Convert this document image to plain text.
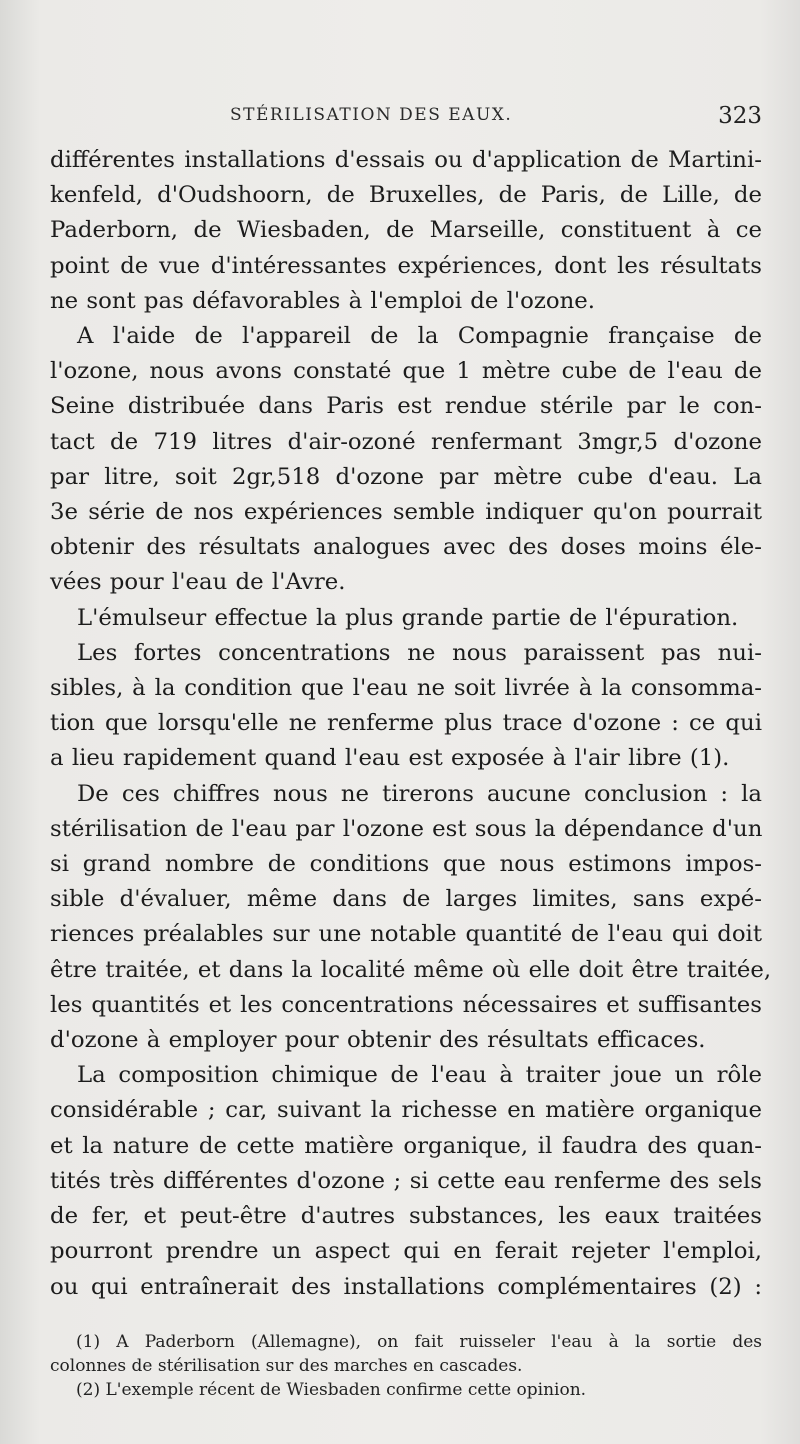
STÉRILISATION DES EAUX.	323
différentes installations d'essais ou d'application de Martini-
kenfeld, d'Oudshoorn, de Bruxelles, de Paris, de Lille, de
Paderborn, de Wiesbaden, de Marseille, constituent à ce
point de vue d'intéressantes expériences, dont les résultats
ne sont pas défavorables à l'emploi de l'ozone.
A l'aide de l'appareil de la Compagnie française de
l'ozone, nous avons constaté que 1 mètre cube de l'eau de
Seine distribuée dans Paris est rendue stérile par le con-
tact de 719 litres d'air-ozoné renfermant 3mgr,5 d'ozone
par litre, soit 2gr,518 d'ozone par mètre cube d'eau. La
3e série de nos expériences semble indiquer qu'on pourrait
obtenir des résultats analogues avec des doses moins éle-
vées pour l'eau de l'Avre.
L'émulseur effectue la plus grande partie de l'épuration.
Les fortes concentrations ne nous paraissent pas nui-
sibles, à la condition que l'eau ne soit livrée à la consomma-
tion que lorsqu'elle ne renferme plus trace d'ozone : ce qui
a lieu rapidement quand l'eau est exposée à l'air libre (1).
De ces chiffres nous ne tirerons aucune conclusion : la
stérilisation de l'eau par l'ozone est sous la dépendance d'un
si grand nombre de conditions que nous estimons impos-
sible d'évaluer, même dans de larges limites, sans expé-
riences préalables sur une notable quantité de l'eau qui doit
être traitée, et dans la localité même où elle doit être traitée,
les quantités et les concentrations nécessaires et suffisantes
d'ozone à employer pour obtenir des résultats efficaces.
La composition chimique de l'eau à traiter joue un rôle
considérable ; car, suivant la richesse en matière organique
et la nature de cette matière organique, il faudra des quan-
tités très différentes d'ozone ; si cette eau renferme des sels
de fer, et peut-être d'autres substances, les eaux traitées
pourront prendre un aspect qui en ferait rejeter l'emploi,
ou qui entraînerait des installations complémentaires (2) :
(1) A Paderborn (Allemagne), on fait ruisseler l'eau à la sortie des
colonnes de stérilisation sur des marches en cascades.
(2) L'exemple récent de Wiesbaden confirme cette opinion.
